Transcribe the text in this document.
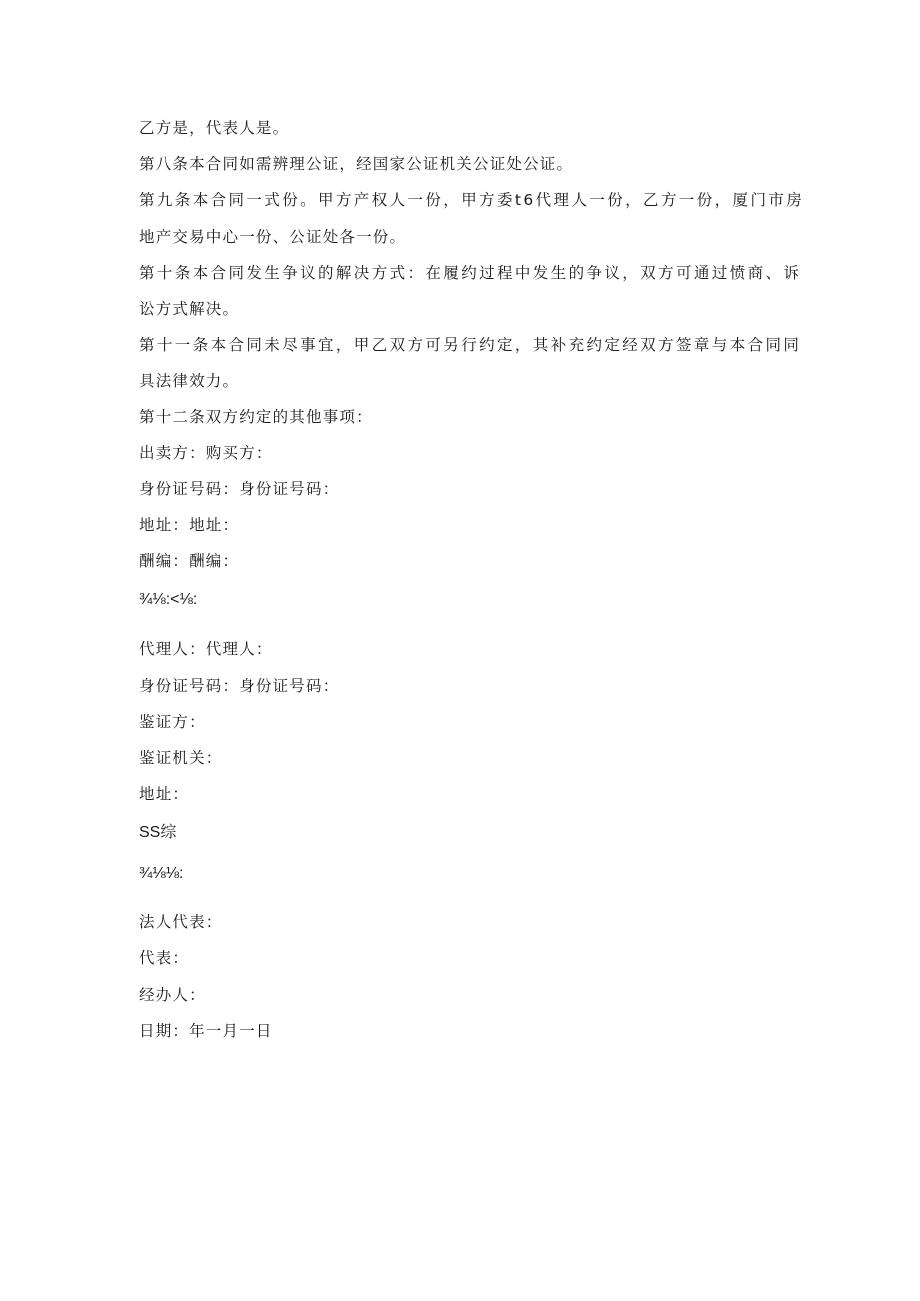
乙方是，代表人是。
第八条本合同如需辨理公证，经国家公证机关公证处公证。
第九条本合同一式份。甲方产权人一份，甲方委t6代理人一份，乙方一份，厦门市房
地产交易中心一份、公证处各一份。
第十条本合同发生争议的解决方式：在履约过程中发生的争议，双方可通过愤商、诉
讼方式解决。
第十一条本合同未尽事宜，甲乙双方可另行约定，其补充约定经双方签章与本合同同
具法律效力。
第十二条双方约定的其他事项：
出卖方：购买方：
身份证号码：身份证号码：
地址：地址：
酬编：酬编：
¾⅛:<⅛:
代理人：代理人：
身份证号码：身份证号码：
鉴证方：
鉴证机关：
地址：
SS综
¾⅛⅛:
法人代表：
代表：
经办人：
日期：年一月一日
